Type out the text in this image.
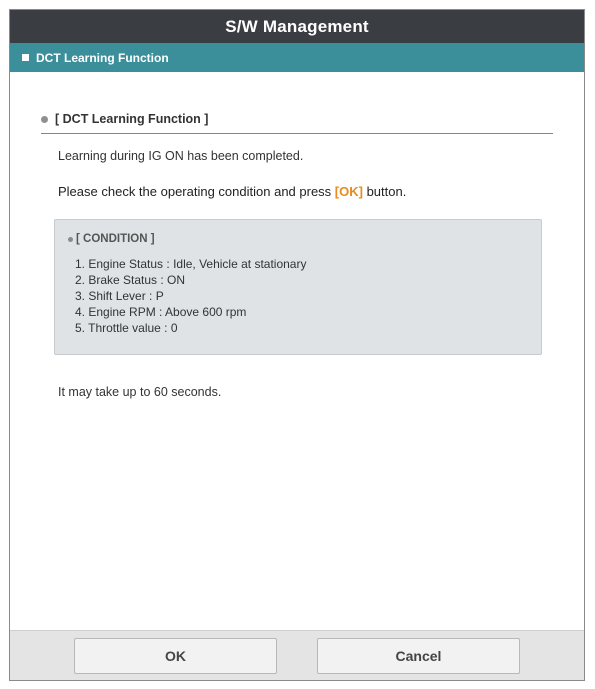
S/W Management
DCT Learning Function
[ DCT Learning Function ]
Learning during IG ON has been completed.
Please check the operating condition and press [OK] button.
[ CONDITION ]
1. Engine Status : Idle, Vehicle at stationary
2. Brake Status : ON
3. Shift Lever : P
4. Engine RPM : Above 600 rpm
5. Throttle value : 0
It may take up to 60 seconds.
OK	Cancel
